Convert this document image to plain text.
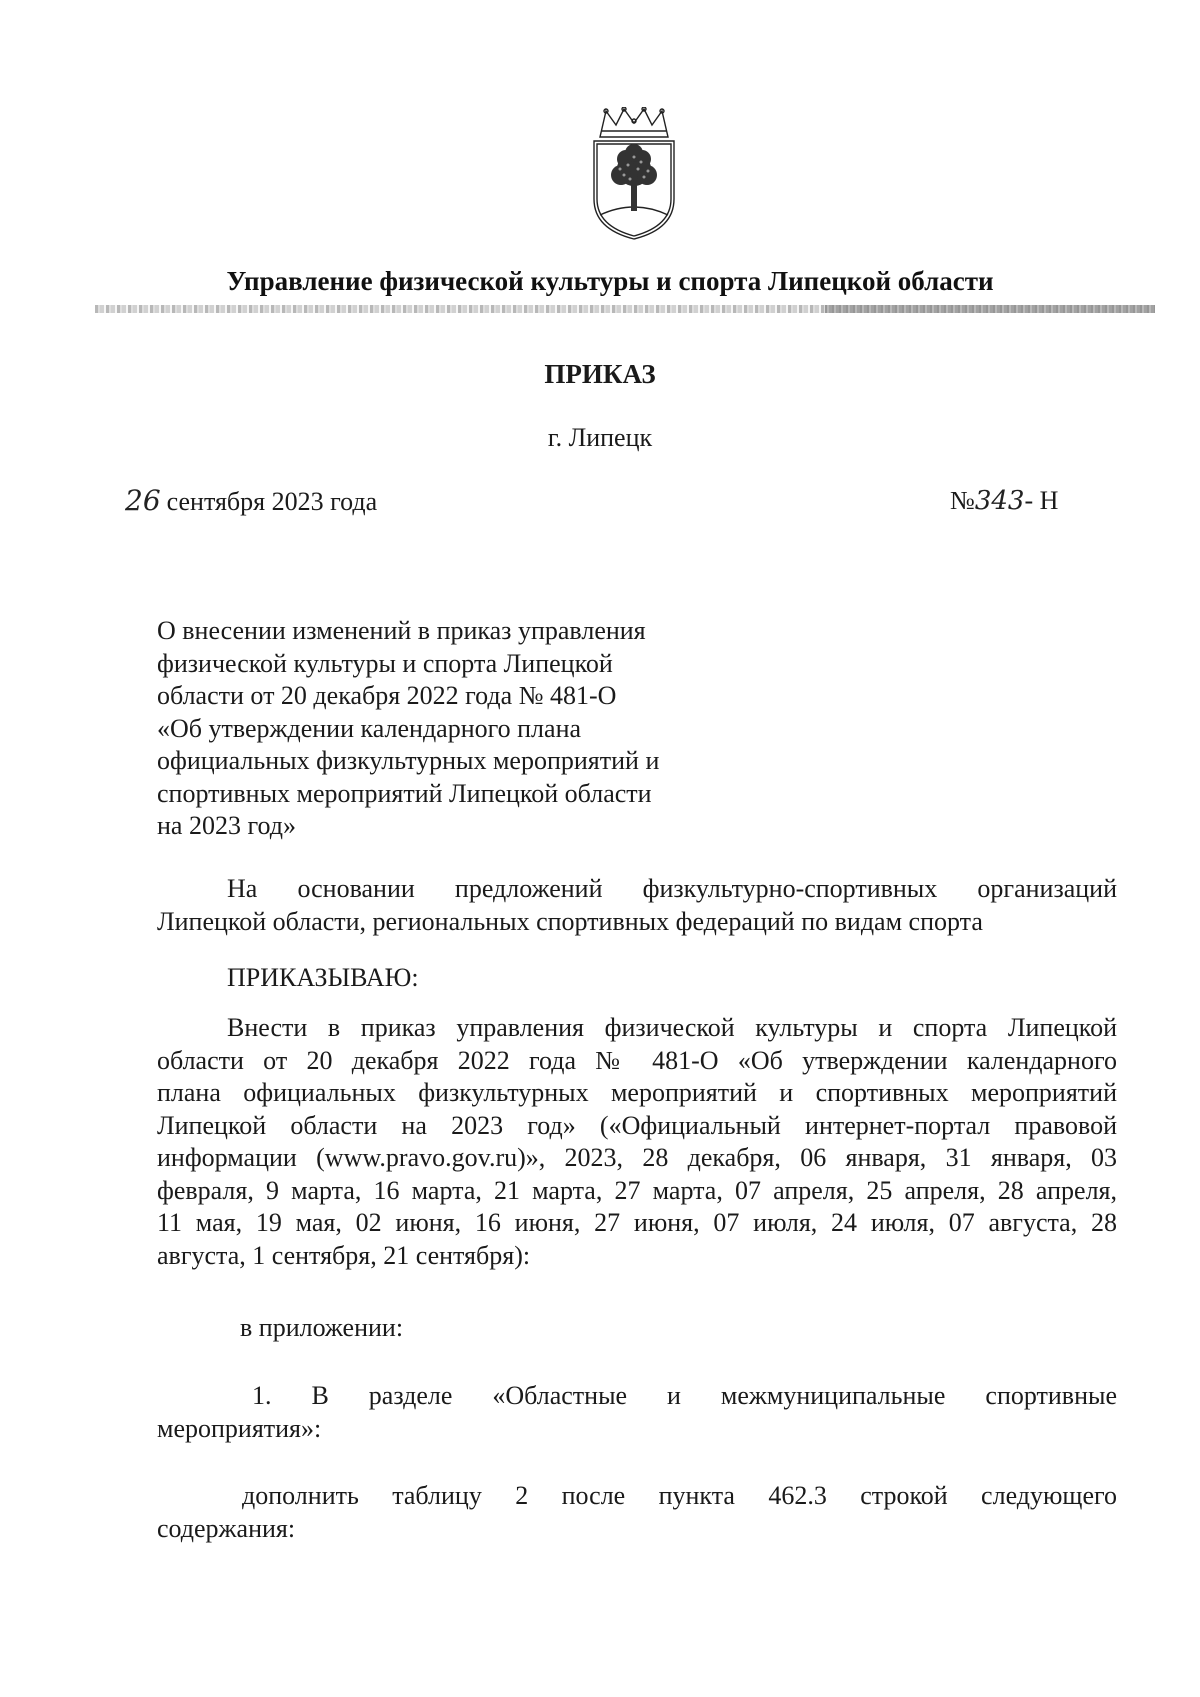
Управление физической культуры и спорта Липецкой области
ПРИКАЗ
г. Липецк
26 сентября 2023 года	№343- Н
О внесении изменений в приказ управления
физической культуры и спорта Липецкой
области от 20 декабря 2022 года № 481-О
«Об утверждении календарного плана
официальных физкультурных мероприятий и
спортивных мероприятий Липецкой области
на 2023 год»
На основании предложений физкультурно-спортивных организаций
Липецкой области, региональных спортивных федераций по видам спорта
ПРИКАЗЫВАЮ:
Внести в приказ управления физической культуры и спорта Липецкой
области от 20 декабря 2022 года № 481-О «Об утверждении календарного
плана официальных физкультурных мероприятий и спортивных мероприятий
Липецкой области на 2023 год» («Официальный интернет-портал правовой
информации (www.pravo.gov.ru)», 2023, 28 декабря, 06 января, 31 января, 03
февраля, 9 марта, 16 марта, 21 марта, 27 марта, 07 апреля, 25 апреля, 28 апреля,
11 мая, 19 мая, 02 июня, 16 июня, 27 июня, 07 июля, 24 июля, 07 августа, 28
августа, 1 сентября, 21 сентября):
в приложении:
1. В разделе «Областные и межмуниципальные спортивные
мероприятия»:
дополнить таблицу 2 после пункта 462.3 строкой следующего
содержания:
